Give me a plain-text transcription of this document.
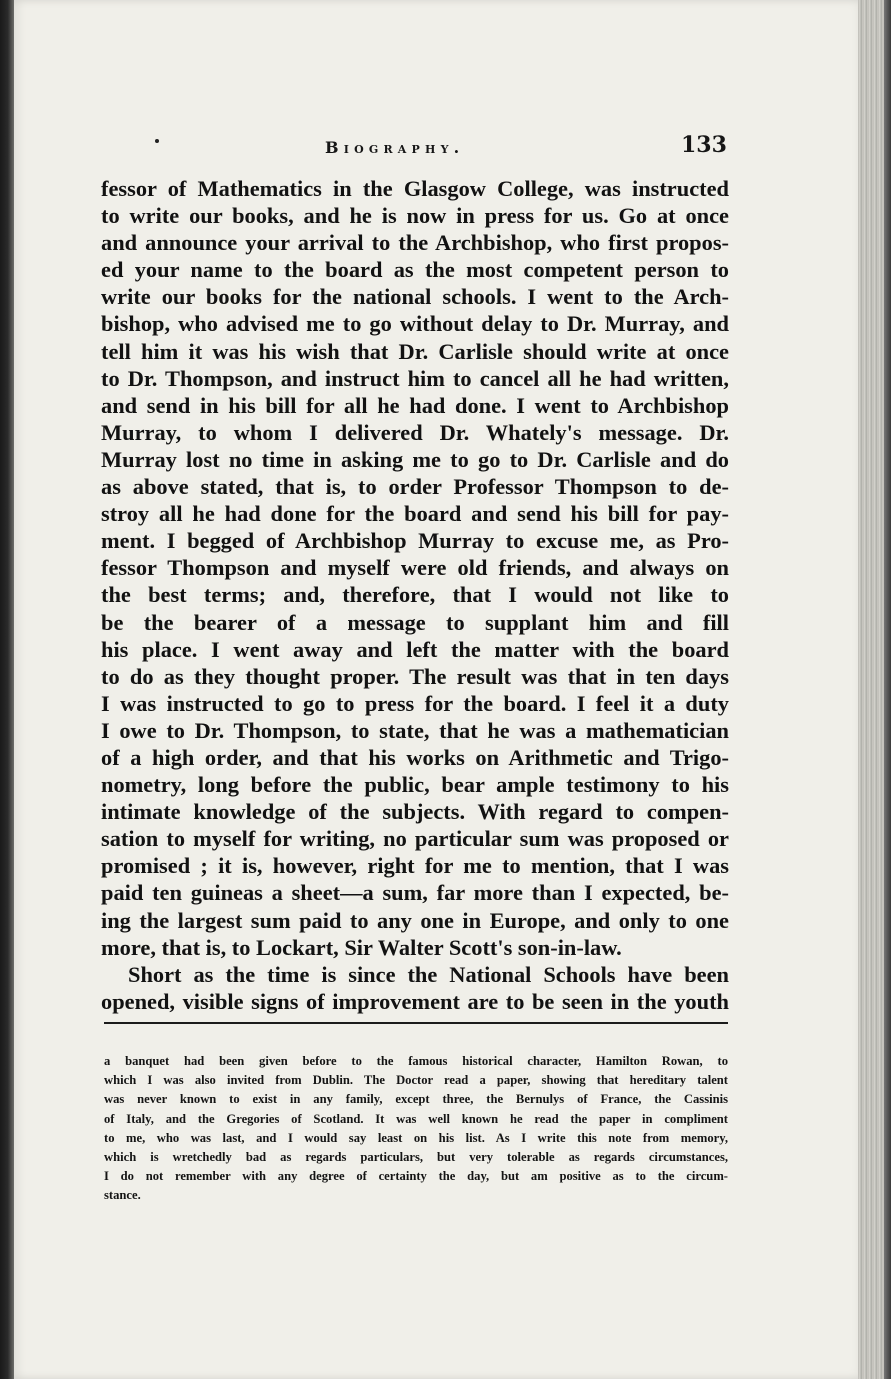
Biography.	133
fessor of Mathematics in the Glasgow College, was instructed
to write our books, and he is now in press for us. Go at once
and announce your arrival to the Archbishop, who first propos-
ed your name to the board as the most competent person to
write our books for the national schools. I went to the Arch-
bishop, who advised me to go without delay to Dr. Murray, and
tell him it was his wish that Dr. Carlisle should write at once
to Dr. Thompson, and instruct him to cancel all he had written,
and send in his bill for all he had done. I went to Archbishop
Murray, to whom I delivered Dr. Whately's message. Dr.
Murray lost no time in asking me to go to Dr. Carlisle and do
as above stated, that is, to order Professor Thompson to de-
stroy all he had done for the board and send his bill for pay-
ment. I begged of Archbishop Murray to excuse me, as Pro-
fessor Thompson and myself were old friends, and always on
the best terms; and, therefore, that I would not like to
be the bearer of a message to supplant him and fill
his place. I went away and left the matter with the board
to do as they thought proper. The result was that in ten days
I was instructed to go to press for the board. I feel it a duty
I owe to Dr. Thompson, to state, that he was a mathematician
of a high order, and that his works on Arithmetic and Trigo-
nometry, long before the public, bear ample testimony to his
intimate knowledge of the subjects. With regard to compen-
sation to myself for writing, no particular sum was proposed or
promised ; it is, however, right for me to mention, that I was
paid ten guineas a sheet—a sum, far more than I expected, be-
ing the largest sum paid to any one in Europe, and only to one
more, that is, to Lockart, Sir Walter Scott's son-in-law.
Short as the time is since the National Schools have been
opened, visible signs of improvement are to be seen in the youth
a banquet had been given before to the famous historical character, Hamilton Rowan, to
which I was also invited from Dublin. The Doctor read a paper, showing that hereditary talent
was never known to exist in any family, except three, the Bernulys of France, the Cassinis
of Italy, and the Gregories of Scotland. It was well known he read the paper in compliment
to me, who was last, and I would say least on his list. As I write this note from memory,
which is wretchedly bad as regards particulars, but very tolerable as regards circumstances,
I do not remember with any degree of certainty the day, but am positive as to the circum-
stance.
